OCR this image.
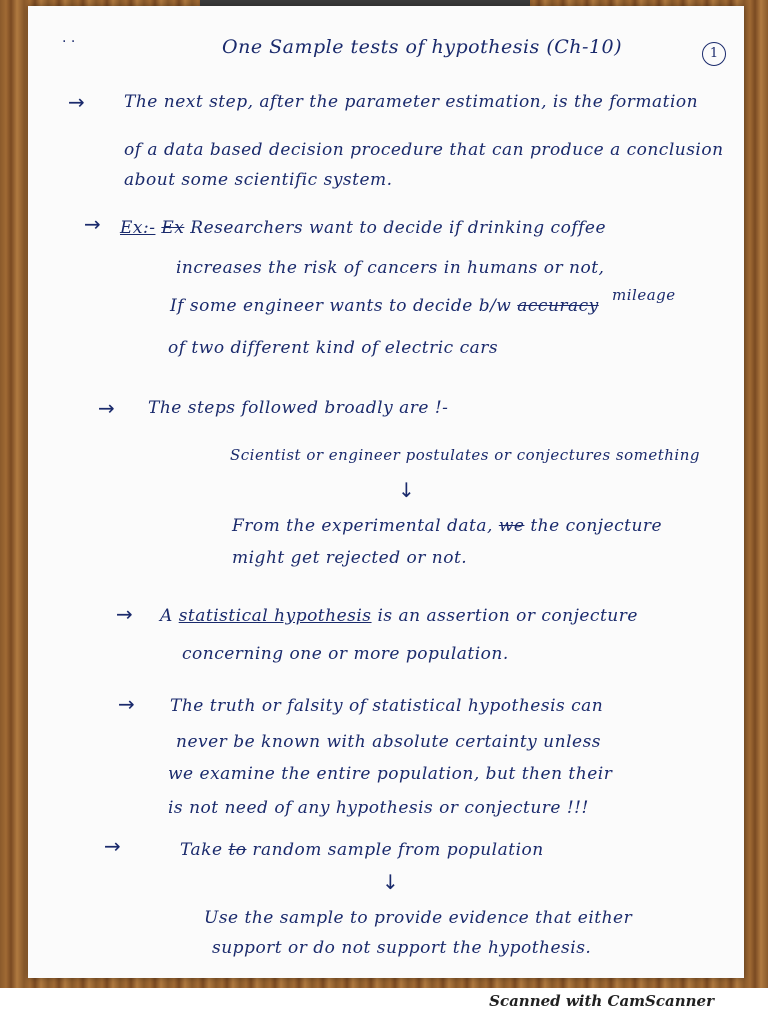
· ·	One Sample tests of hypothesis (Ch-10)	1
→ The next step, after the parameter estimation, is the formation
of a data based decision procedure that can produce a conclusion
about some scientific system.
→ Ex:- Ex Researchers want to decide if drinking coffee
increases the risk of cancers in humans or not,
mileage
If some engineer wants to decide b/w accuracy
of two different kind of electric cars
→ The steps followed broadly are !-
Scientist or engineer postulates or conjectures something
↓
From the experimental data, we the conjecture
might get rejected or not.
→ A statistical hypothesis is an assertion or conjecture
concerning one or more population.
→ The truth or falsity of statistical hypothesis can
never be known with absolute certainty unless
we examine the entire population, but then their
is not need of any hypothesis or conjecture !!!
→	Take to random sample from population
↓
Use the sample to provide evidence that either
support or do not support the hypothesis.
Scanned with CamScanner
